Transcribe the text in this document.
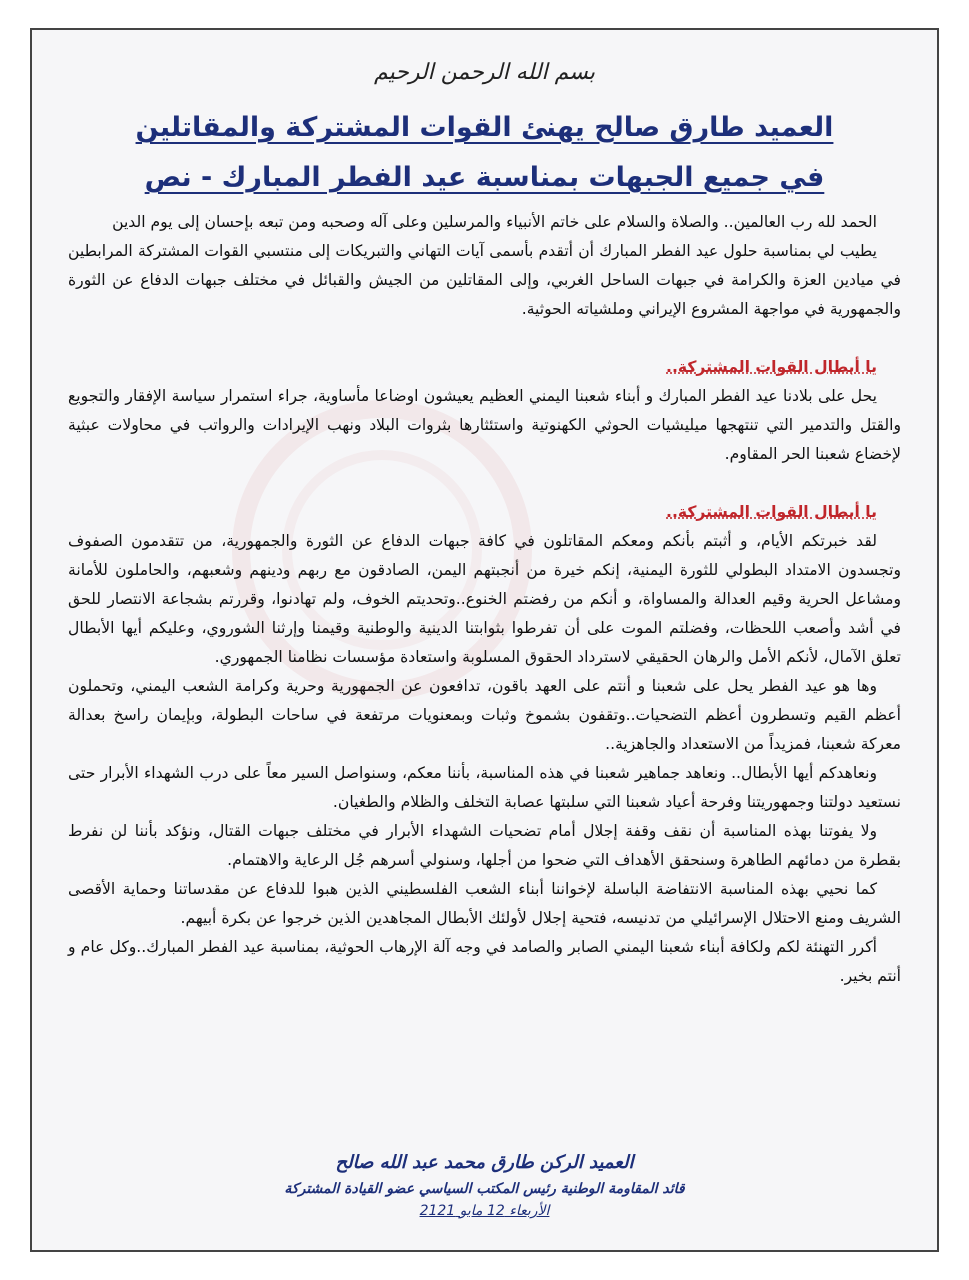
بسم الله الرحمن الرحيم
العميد طارق صالح يهنئ القوات المشتركة والمقاتلين
في جميع الجبهات بمناسبة عيد الفطر المبارك - نص

الحمد لله رب العالمين.. والصلاة والسلام على خاتم الأنبياء والمرسلين وعلى آله وصحبه ومن تبعه بإحسان إلى يوم الدين

يطيب لي بمناسبة حلول عيد الفطر المبارك أن أتقدم بأسمى آيات التهاني والتبريكات إلى منتسبي القوات المشتركة المرابطين في ميادين العزة والكرامة في جبهات الساحل الغربي، وإلى المقاتلين من الجيش والقبائل في مختلف جبهات الدفاع عن الثورة والجمهورية في مواجهة المشروع الإيراني وملشياته الحوثية.

يا أبطال القوات المشتركة..

يحل على بلادنا عيد الفطر المبارك و أبناء شعبنا اليمني العظيم يعيشون اوضاعا مأساوية، جراء استمرار سياسة الإفقار والتجويع والقتل والتدمير التي تنتهجها ميليشيات الحوثي الكهنوتية واستئثارها بثروات البلاد ونهب الإيرادات والرواتب في محاولات عبثية لإخضاع شعبنا الحر المقاوم.

يا أبطال القوات المشتركة..

لقد خبرتكم الأيام، و أثبتم بأنكم ومعكم المقاتلون في كافة جبهات الدفاع عن الثورة والجمهورية، من تتقدمون الصفوف وتجسدون الامتداد البطولي للثورة اليمنية، إنكم خيرة من أنجبتهم اليمن، الصادقون مع ربهم ودينهم وشعبهم، والحاملون للأمانة ومشاعل الحرية وقيم العدالة والمساواة، و أنكم من رفضتم الخنوع..وتحديتم الخوف، ولم تهادنوا، وقررتم بشجاعة الانتصار للحق في أشد وأصعب اللحظات، وفضلتم الموت على أن تفرطوا بثوابتنا الدينية والوطنية وقيمنا وإرثنا الشوروي، وعليكم أيها الأبطال تعلق الآمال، لأنكم الأمل والرهان الحقيقي لاسترداد الحقوق المسلوبة واستعادة مؤسسات نظامنا الجمهوري.

وها هو عيد الفطر يحل على شعبنا و أنتم على العهد باقون، تدافعون عن الجمهورية وحرية وكرامة الشعب اليمني، وتحملون أعظم القيم وتسطرون أعظم التضحيات..وتقفون بشموخ وثبات وبمعنويات مرتفعة في ساحات البطولة، وبإيمان راسخ بعدالة معركة شعبنا، فمزيداً من الاستعداد والجاهزية..

ونعاهدكم أيها الأبطال.. ونعاهد جماهير شعبنا في هذه المناسبة، بأننا معكم، وسنواصل السير معاً على درب الشهداء الأبرار حتى نستعيد دولتنا وجمهوريتنا وفرحة أعياد شعبنا التي سلبتها عصابة التخلف والظلام والطغيان.

ولا يفوتنا بهذه المناسبة أن نقف وقفة إجلال أمام تضحيات الشهداء الأبرار في مختلف جبهات القتال، ونؤكد بأننا لن نفرط بقطرة من دمائهم الطاهرة وسنحقق الأهداف التي ضحوا من أجلها، وسنولي أسرهم جُل الرعاية والاهتمام.

كما نحيي بهذه المناسبة الانتفاضة الباسلة لإخواننا أبناء الشعب الفلسطيني الذين هبوا للدفاع عن مقدساتنا وحماية الأقصى الشريف ومنع الاحتلال الإسرائيلي من تدنيسه، فتحية إجلال لأولئك الأبطال المجاهدين الذين خرجوا عن بكرة أبيهم.

أكرر التهنئة لكم ولكافة أبناء شعبنا اليمني الصابر والصامد في وجه آلة الإرهاب الحوثية، بمناسبة عيد الفطر المبارك..وكل عام و أنتم بخير.

العميد الركن طارق محمد عبد الله صالح
قائد المقاومة الوطنية رئيس المكتب السياسي عضو القيادة المشتركة
الأربعاء 12 مايو 2121
